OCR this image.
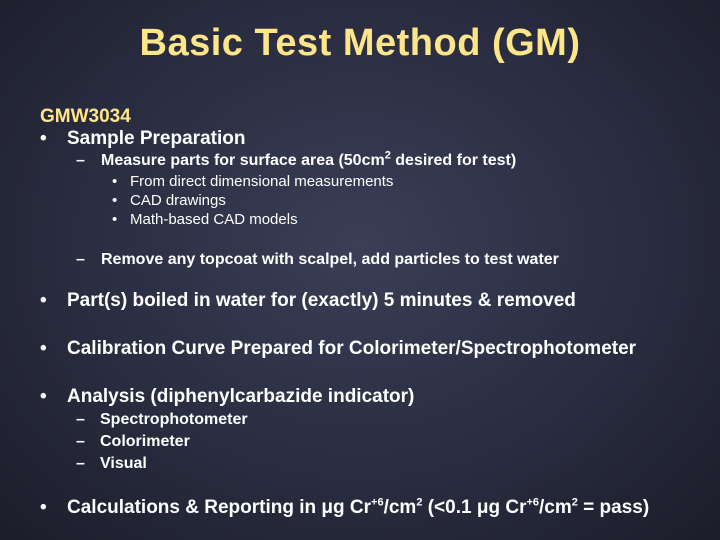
Basic Test Method (GM)
GMW3034
• Sample Preparation
– Measure parts for surface area ($50cm^2$ desired for test)
• From direct dimensional measurements
• CAD drawings
• Math-based CAD models
– Remove any topcoat with scalpel, add particles to test water
• Part(s) boiled in water for (exactly) 5 minutes & removed
• Calibration Curve Prepared for Colorimeter/Spectrophotometer
• Analysis (diphenylcarbazide indicator)
– Spectrophotometer
– Colorimeter
– Visual
• Calculations & Reporting in μg $Cr^{+6}/cm^2$ (<0.1 μg $Cr^{+6}/cm^2$ = pass)
